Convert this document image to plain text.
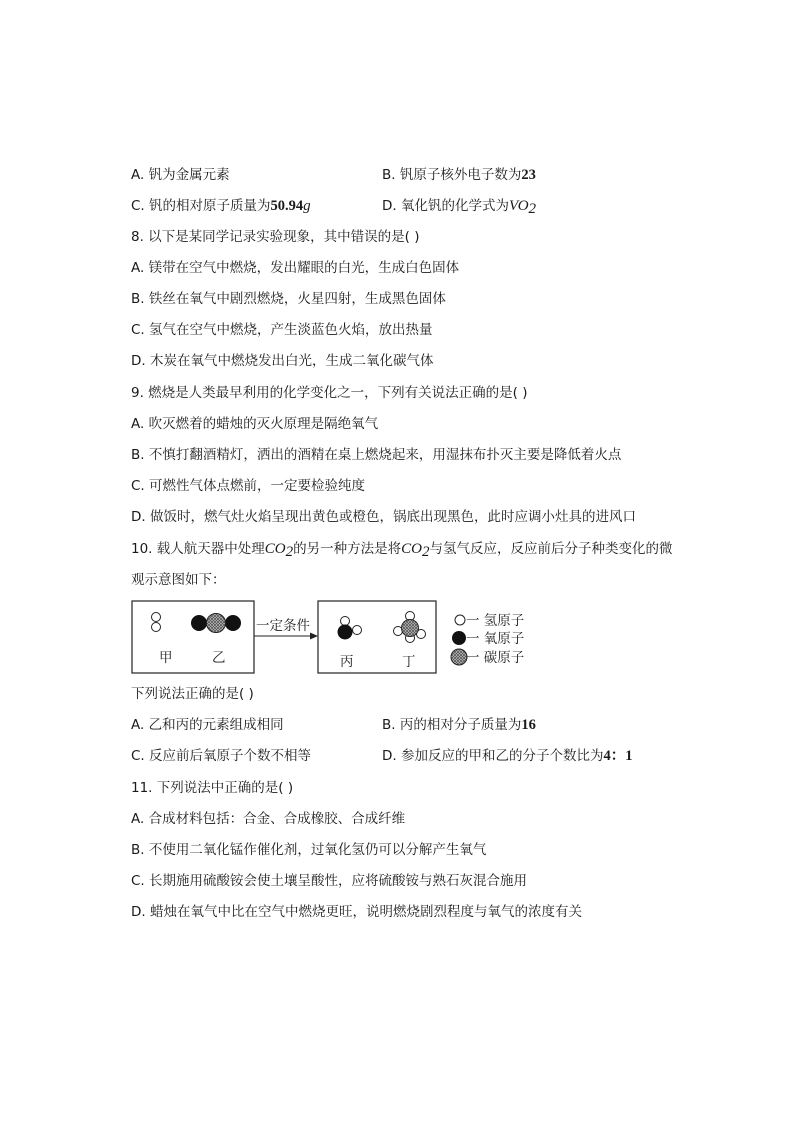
A. 钒为金属元素	B. 钒原子核外电子数为23
C. 钒的相对原子质量为50.94g	D. 氧化钒的化学式为$VO_2$
8. 以下是某同学记录实验现象，其中错误的是( )
A. 镁带在空气中燃烧，发出耀眼的白光，生成白色固体
B. 铁丝在氧气中剧烈燃烧，火星四射，生成黑色固体
C. 氢气在空气中燃烧，产生淡蓝色火焰，放出热量
D. 木炭在氧气中燃烧发出白光，生成二氧化碳气体
9. 燃烧是人类最早利用的化学变化之一，下列有关说法正确的是( )
A. 吹灭燃着的蜡烛的灭火原理是隔绝氧气
B. 不慎打翻酒精灯，洒出的酒精在桌上燃烧起来，用湿抹布扑灭主要是降低着火点
C. 可燃性气体点燃前，一定要检验纯度
D. 做饭时，燃气灶火焰呈现出黄色或橙色，锅底出现黑色，此时应调小灶具的进风口
10. 载人航天器中处理$CO_2$的另一种方法是将$CO_2$与氢气反应，反应前后分子种类变化的微
观示意图如下：
甲	乙
一定条件
丙	丁
一 氢原子
一 氧原子
一 碳原子
下列说法正确的是( )
A. 乙和丙的元素组成相同	B. 丙的相对分子质量为16
C. 反应前后氧原子个数不相等	D. 参加反应的甲和乙的分子个数比为4：1
11. 下列说法中正确的是( )
A. 合成材料包括：合金、合成橡胶、合成纤维
B. 不使用二氧化锰作催化剂，过氧化氢仍可以分解产生氧气
C. 长期施用硫酸铵会使土壤呈酸性，应将硫酸铵与熟石灰混合施用
D. 蜡烛在氧气中比在空气中燃烧更旺，说明燃烧剧烈程度与氧气的浓度有关
